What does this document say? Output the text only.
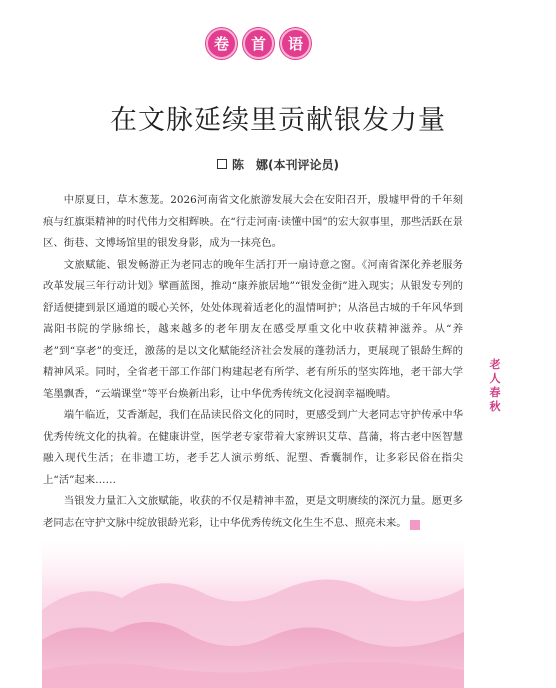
卷	首	语
在文脉延续里贡献银发力量
陈　娜(本刊评论员)

中原夏日，草木葱茏。2026河南省文化旅游发展大会在安阳召开，殷墟甲骨的千年刻痕与红旗渠精神的时代伟力交相辉映。在“行走河南·读懂中国”的宏大叙事里，那些活跃在景区、街巷、文博场馆里的银发身影，成为一抹亮色。

文旅赋能、银发畅游正为老同志的晚年生活打开一扇诗意之窗。《河南省深化养老服务改革发展三年行动计划》擘画蓝图，推动“康养旅居地”“银发金街”进入现实；从银发专列的舒适便捷到景区通道的暖心关怀，处处体现着适老化的温情呵护；从洛邑古城的千年风华到嵩阳书院的学脉绵长，越来越多的老年朋友在感受厚重文化中收获精神滋养。从“养老”到“享老”的变迁，激荡的是以文化赋能经济社会发展的蓬勃活力，更展现了银龄生辉的精神风采。同时，全省老干部工作部门构建起老有所学、老有所乐的坚实阵地，老干部大学笔墨飘香，“云端课堂”等平台焕新出彩，让中华优秀传统文化浸润幸福晚晴。

端午临近，艾香渐起，我们在品读民俗文化的同时，更感受到广大老同志守护传承中华优秀传统文化的执着。在健康讲堂，医学老专家带着大家辨识艾草、菖蒲，将古老中医智慧融入现代生活；在非遗工坊，老手艺人演示剪纸、泥塑、香囊制作，让多彩民俗在指尖上“活”起来……

当银发力量汇入文旅赋能，收获的不仅是精神丰盈，更是文明赓续的深沉力量。愿更多老同志在守护文脉中绽放银龄光彩，让中华优秀传统文化生生不息、照亮未来。	★

老
人
春
秋
